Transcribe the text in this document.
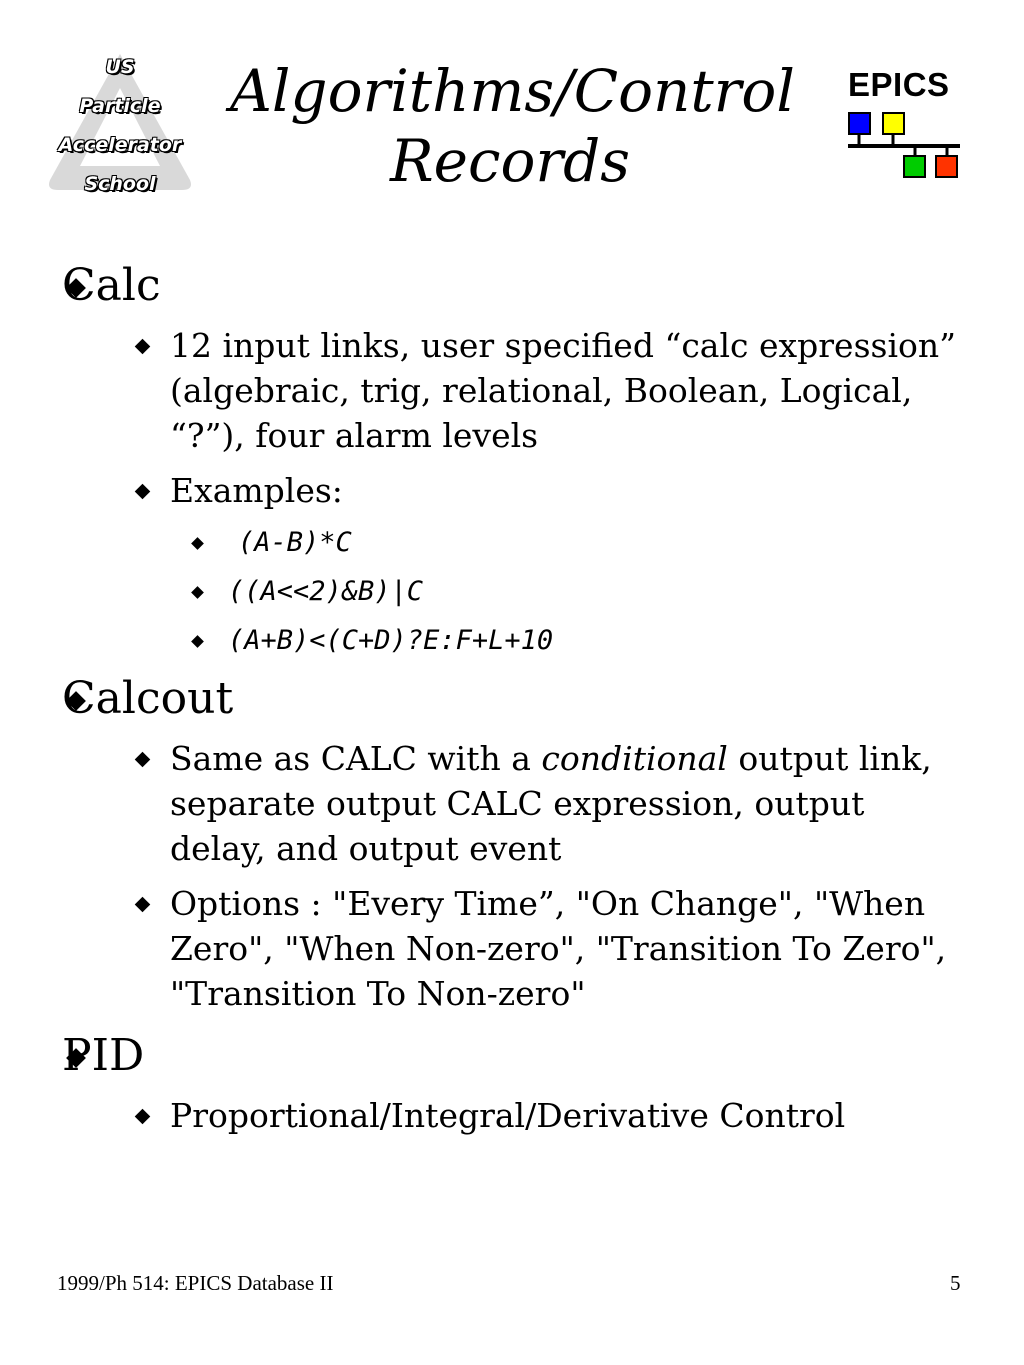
US
Particle
Accelerator
School
Algorithms/Control
Records
EPICS
Calc
12 input links, user specified “calc expression”
(algebraic, trig, relational, Boolean, Logical,
“?”), four alarm levels
Examples:
(A-B)*C
((A<<2)&B)|C
(A+B)<(C+D)?E:F+L+10
Calcout
Same as CALC with a conditional output link,
separate output CALC expression, output
delay, and output event
Options : "Every Time”, "On Change", "When
Zero", "When Non-zero", "Transition To Zero",
"Transition To Non-zero"
PID
Proportional/Integral/Derivative Control
1999/Ph 514: EPICS Database II	5
